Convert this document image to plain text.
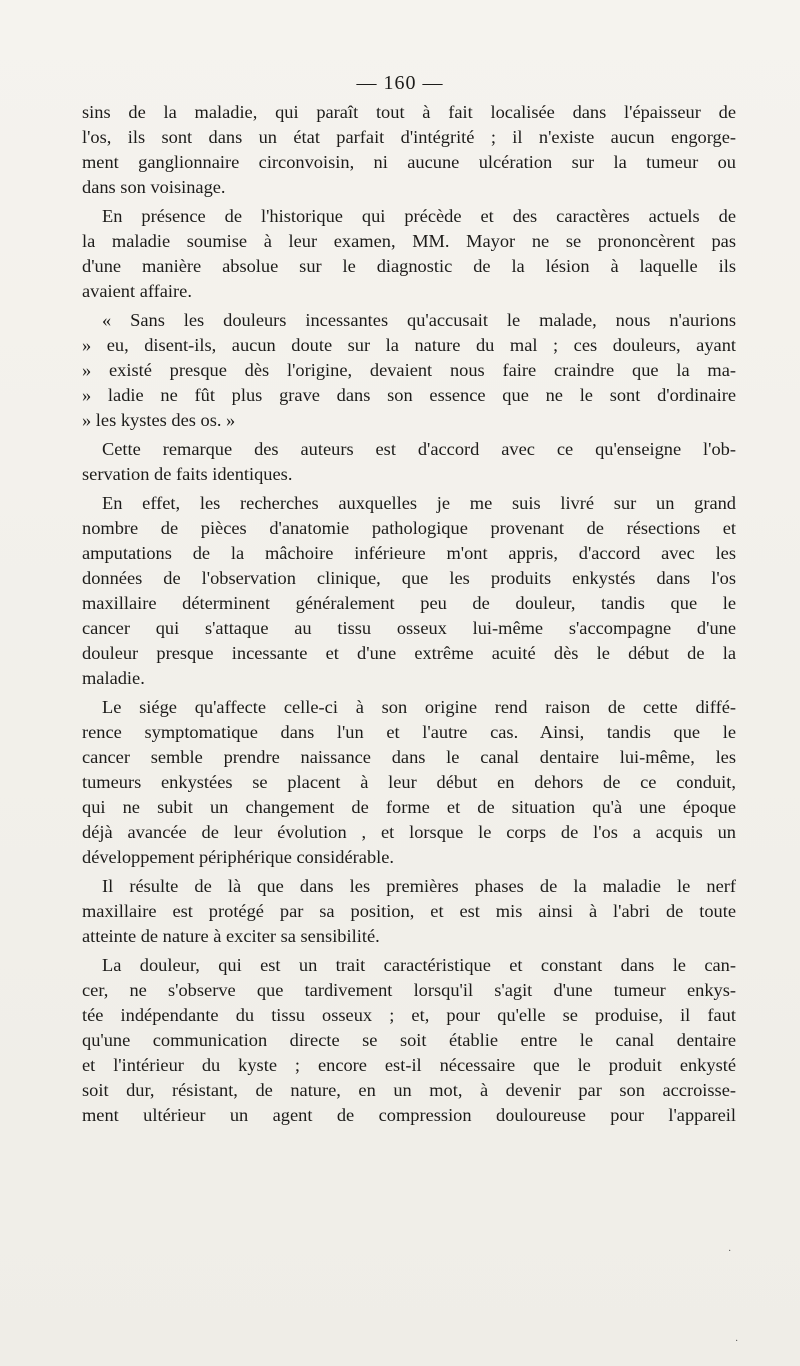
— 160 —
sins de la maladie, qui paraît tout à fait localisée dans l'épaisseur de
l'os, ils sont dans un état parfait d'intégrité ; il n'existe aucun engorge-
ment ganglionnaire circonvoisin, ni aucune ulcération sur la tumeur ou
dans son voisinage.
En présence de l'historique qui précède et des caractères actuels de
la maladie soumise à leur examen, MM. Mayor ne se prononcèrent pas
d'une manière absolue sur le diagnostic de la lésion à laquelle ils
avaient affaire.
« Sans les douleurs incessantes qu'accusait le malade, nous n'aurions
» eu, disent-ils, aucun doute sur la nature du mal ; ces douleurs, ayant
» existé presque dès l'origine, devaient nous faire craindre que la ma-
» ladie ne fût plus grave dans son essence que ne le sont d'ordinaire
» les kystes des os. »
Cette remarque des auteurs est d'accord avec ce qu'enseigne l'ob-
servation de faits identiques.
En effet, les recherches auxquelles je me suis livré sur un grand
nombre de pièces d'anatomie pathologique provenant de résections et
amputations de la mâchoire inférieure m'ont appris, d'accord avec les
données de l'observation clinique, que les produits enkystés dans l'os
maxillaire déterminent généralement peu de douleur, tandis que le
cancer qui s'attaque au tissu osseux lui-même s'accompagne d'une
douleur presque incessante et d'une extrême acuité dès le début de la
maladie.
Le siége qu'affecte celle-ci à son origine rend raison de cette diffé-
rence symptomatique dans l'un et l'autre cas. Ainsi, tandis que le
cancer semble prendre naissance dans le canal dentaire lui-même, les
tumeurs enkystées se placent à leur début en dehors de ce conduit,
qui ne subit un changement de forme et de situation qu'à une époque
déjà avancée de leur évolution , et lorsque le corps de l'os a acquis un
développement périphérique considérable.
Il résulte de là que dans les premières phases de la maladie le nerf
maxillaire est protégé par sa position, et est mis ainsi à l'abri de toute
atteinte de nature à exciter sa sensibilité.
La douleur, qui est un trait caractéristique et constant dans le can-
cer, ne s'observe que tardivement lorsqu'il s'agit d'une tumeur enkys-
tée indépendante du tissu osseux ; et, pour qu'elle se produise, il faut
qu'une communication directe se soit établie entre le canal dentaire
et l'intérieur du kyste ; encore est-il nécessaire que le produit enkysté
soit dur, résistant, de nature, en un mot, à devenir par son accroisse-
ment ultérieur un agent de compression douloureuse pour l'appareil
·
·
